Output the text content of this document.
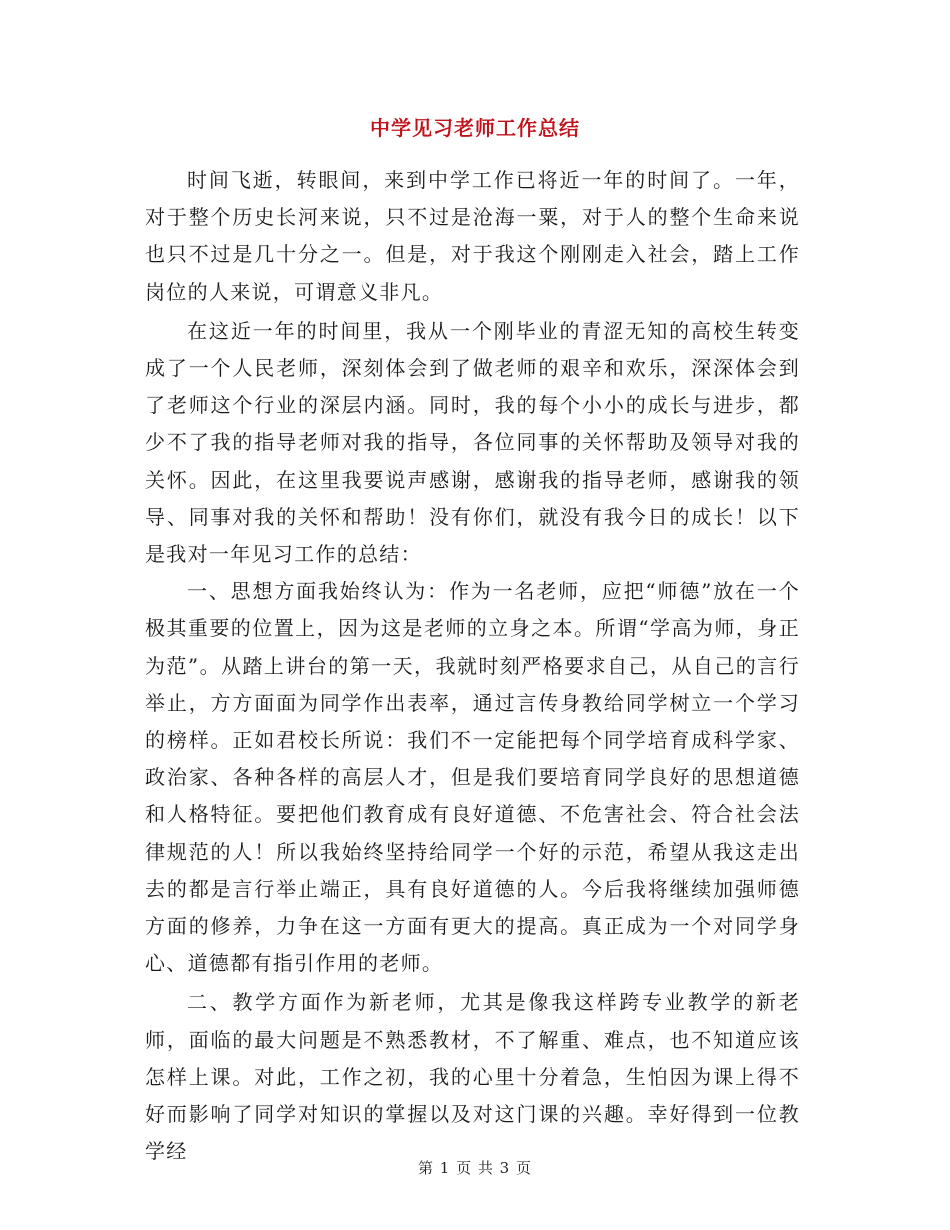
中学见习老师工作总结

时间飞逝，转眼间，来到中学工作已将近一年的时间了。一年，对于整个历史长河来说，只不过是沧海一粟，对于人的整个生命来说也只不过是几十分之一。但是，对于我这个刚刚走入社会，踏上工作岗位的人来说，可谓意义非凡。

在这近一年的时间里，我从一个刚毕业的青涩无知的高校生转变成了一个人民老师，深刻体会到了做老师的艰辛和欢乐，深深体会到了老师这个行业的深层内涵。同时，我的每个小小的成长与进步，都少不了我的指导老师对我的指导，各位同事的关怀帮助及领导对我的关怀。因此，在这里我要说声感谢，感谢我的指导老师，感谢我的领导、同事对我的关怀和帮助！没有你们，就没有我今日的成长！以下是我对一年见习工作的总结：

一、思想方面我始终认为：作为一名老师，应把“师德”放在一个极其重要的位置上，因为这是老师的立身之本。所谓“学高为师，身正为范”。从踏上讲台的第一天，我就时刻严格要求自己，从自己的言行举止，方方面面为同学作出表率，通过言传身教给同学树立一个学习的榜样。正如君校长所说：我们不一定能把每个同学培育成科学家、政治家、各种各样的高层人才，但是我们要培育同学良好的思想道德和人格特征。要把他们教育成有良好道德、不危害社会、符合社会法律规范的人！所以我始终坚持给同学一个好的示范，希望从我这走出去的都是言行举止端正，具有良好道德的人。今后我将继续加强师德方面的修养，力争在这一方面有更大的提高。真正成为一个对同学身心、道德都有指引作用的老师。

二、教学方面作为新老师，尤其是像我这样跨专业教学的新老师，面临的最大问题是不熟悉教材，不了解重、难点，也不知道应该怎样上课。对此，工作之初，我的心里十分着急，生怕因为课上得不好而影响了同学对知识的掌握以及对这门课的兴趣。幸好得到一位教学经

第 1 页 共 3 页
